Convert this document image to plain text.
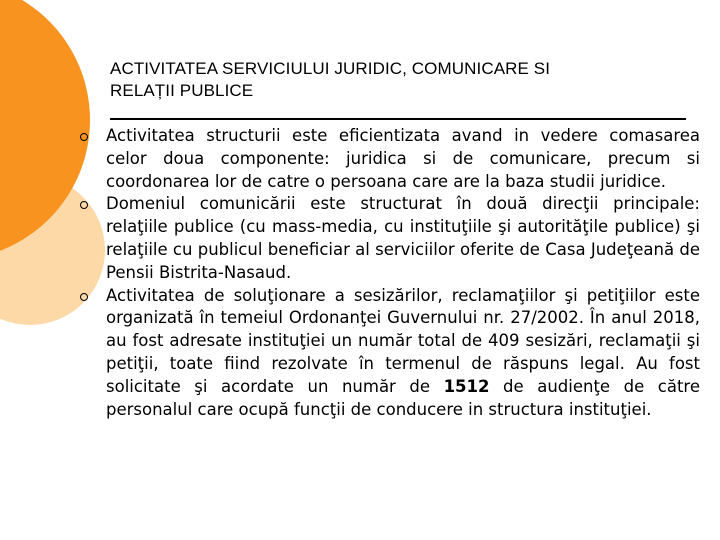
ACTIVITATEA SERVICIULUI JURIDIC, COMUNICARE SI
RELAȚII PUBLICE
Activitatea structurii este eficientizata avand in vedere comasarea celor doua componente: juridica si de comunicare, precum si coordonarea lor de catre o persoana care are la baza studii juridice.
Domeniul comunicării este structurat în două direcţii principale: relaţiile publice (cu mass-media, cu instituţiile şi autorităţile publice) şi relaţiile cu publicul beneficiar al serviciilor oferite de Casa Judeţeană de Pensii Bistrita-Nasaud.
Activitatea de soluţionare a sesizărilor, reclamaţiilor şi petiţiilor este organizată în temeiul Ordonanţei Guvernului nr. 27/2002. În anul 2018, au fost adresate instituţiei un număr total de 409 sesizări, reclamaţii şi petiţii, toate fiind rezolvate în termenul de răspuns legal. Au fost solicitate şi acordate un număr de 1512 de audienţe de către personalul care ocupă funcţii de conducere in structura instituţiei.
